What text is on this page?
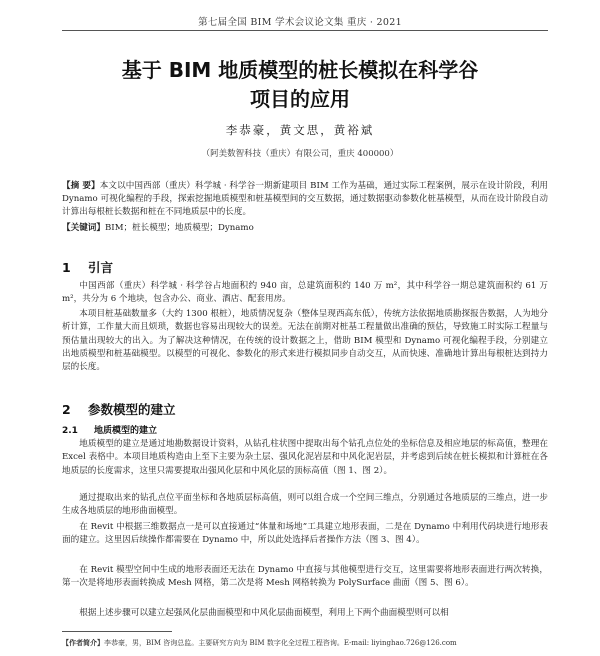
第七届全国 BIM 学术会议论文集 重庆 · 2021
基于 BIM 地质模型的桩长模拟在科学谷
项目的应用
李恭豪，黄文思，黄裕斌
（阿美数智科技（重庆）有限公司，重庆 400000）
【摘 要】本文以中国西部（重庆）科学城 · 科学谷一期新建项目 BIM 工作为基础，通过实际工程案例，展示在设计阶段，利用 Dynamo 可视化编程的手段，探索挖掘地质模型和桩基模型间的交互数据，通过数据驱动参数化桩基模型，从而在设计阶段自动计算出每根桩长数据和桩在不同地质层中的长度。
【关键词】BIM；桩长模型；地质模型；Dynamo
1 引言
中国西部（重庆）科学城 · 科学谷占地面积约 940 亩，总建筑面积约 140 万 m²，其中科学谷一期总建筑面积约 61 万 m²，共分为 6 个地块，包含办公、商业、酒店、配套用房。
本项目桩基础数量多（大约 1300 根桩），地质情况复杂（整体呈现西高东低），传统方法依据地质勘探报告数据，人为地分析计算，工作量大而且烦琐，数据也容易出现较大的误差。无法在前期对桩基工程量做出准确的预估，导致施工时实际工程量与预估量出现较大的出入。为了解决这种情况，在传统的设计数据之上，借助 BIM 模型和 Dynamo 可视化编程手段，分别建立出地质模型和桩基础模型。以模型的可视化、参数化的形式来进行模拟同步自动交互，从而快速、准确地计算出每根桩达到持力层的长度。
2 参数模型的建立
2.1 地质模型的建立
地质模型的建立是通过地勘数据设计资料，从钻孔柱状图中提取出每个钻孔点位处的坐标信息及相应地层的标高值，整理在 Excel 表格中。本项目地质构造由上至下主要为杂土层、强风化泥岩层和中风化泥岩层，并考虑到后续在桩长模拟和计算桩在各地质层的长度需求，这里只需要提取出强风化层和中风化层的顶标高值（图 1、图 2）。
通过提取出来的钻孔点位平面坐标和各地质层标高值，则可以组合成一个空间三维点，分别通过各地质层的三维点，进一步生成各地质层的地形曲面模型。
在 Revit 中根据三维数据点一是可以直接通过“体量和场地”工具建立地形表面，二是在 Dynamo 中利用代码块进行地形表面的建立。这里因后续操作都需要在 Dynamo 中，所以此处选择后者操作方法（图 3、图 4）。
在 Revit 模型空间中生成的地形表面还无法在 Dynamo 中直接与其他模型进行交互，这里需要将地形表面进行两次转换，第一次是将地形表面转换成 Mesh 网格，第二次是将 Mesh 网格转换为 PolySurface 曲面（图 5、图 6）。
根据上述步骤可以建立起强风化层曲面模型和中风化层曲面模型，利用上下两个曲面模型则可以相
【作者简介】李恭豪，男，BIM 咨询总监。主要研究方向为 BIM 数字化全过程工程咨询。E-mail: liyinghao.726@126.com
